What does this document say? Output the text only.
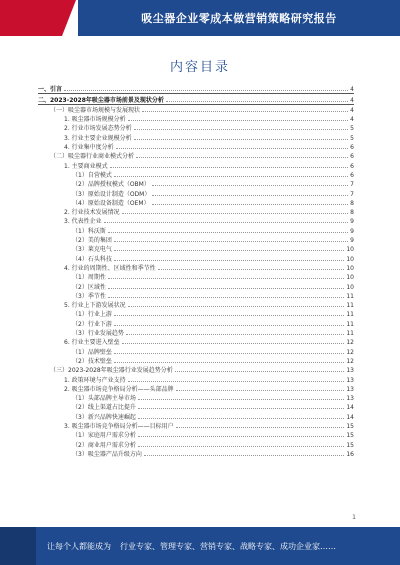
吸尘器企业零成本做营销策略研究报告
内容目录
一、引言	4
二、2023-2028年吸尘器市场前景及现状分析	4
（一）吸尘器市场规模与发展现状	4
1. 吸尘器市场规模分析	4
2. 行业市场发展态势分析	5
3. 行业主要企业规模分析	5
4. 行业集中度分析	6
（二）吸尘器行业商业模式分析	6
1. 主要商业模式	6
（1）自营模式	6
（2）品牌授权模式（OBM）	7
（3）原始设计制造（ODM）	7
（4）原始设备制造（OEM）	8
2. 行业技术发展情况	8
3. 代表性企业	9
（1）科沃斯	9
（2）美的集团	9
（3）莱克电气	10
（4）石头科技	10
4. 行业的周期性、区域性和季节性	10
（1）周期性	10
（2）区域性	10
（3）季节性	11
5. 行业上下游发展状况	11
（1）行业上游	11
（2）行业下游	11
（3）行业发展趋势	11
6. 行业主要进入壁垒	12
（1）品牌壁垒	12
（2）技术壁垒	12
（三）2023-2028年吸尘器行业发展趋势分析	13
1. 政策环境与产业支持	13
2. 吸尘器市场竞争格局分析——头部品牌	13
（1）头部品牌主导市场	13
（2）线上渠道占比提升	14
（3）新兴品牌快速崛起	14
3. 吸尘器市场竞争格局分析——目标用户	15
（1）家庭用户需求分析	15
（2）商业用户需求分析	15
（3）吸尘器产品升级方向	16
1
让每个人都能成为 行业专家、管理专家、营销专家、战略专家、成功企业家……
